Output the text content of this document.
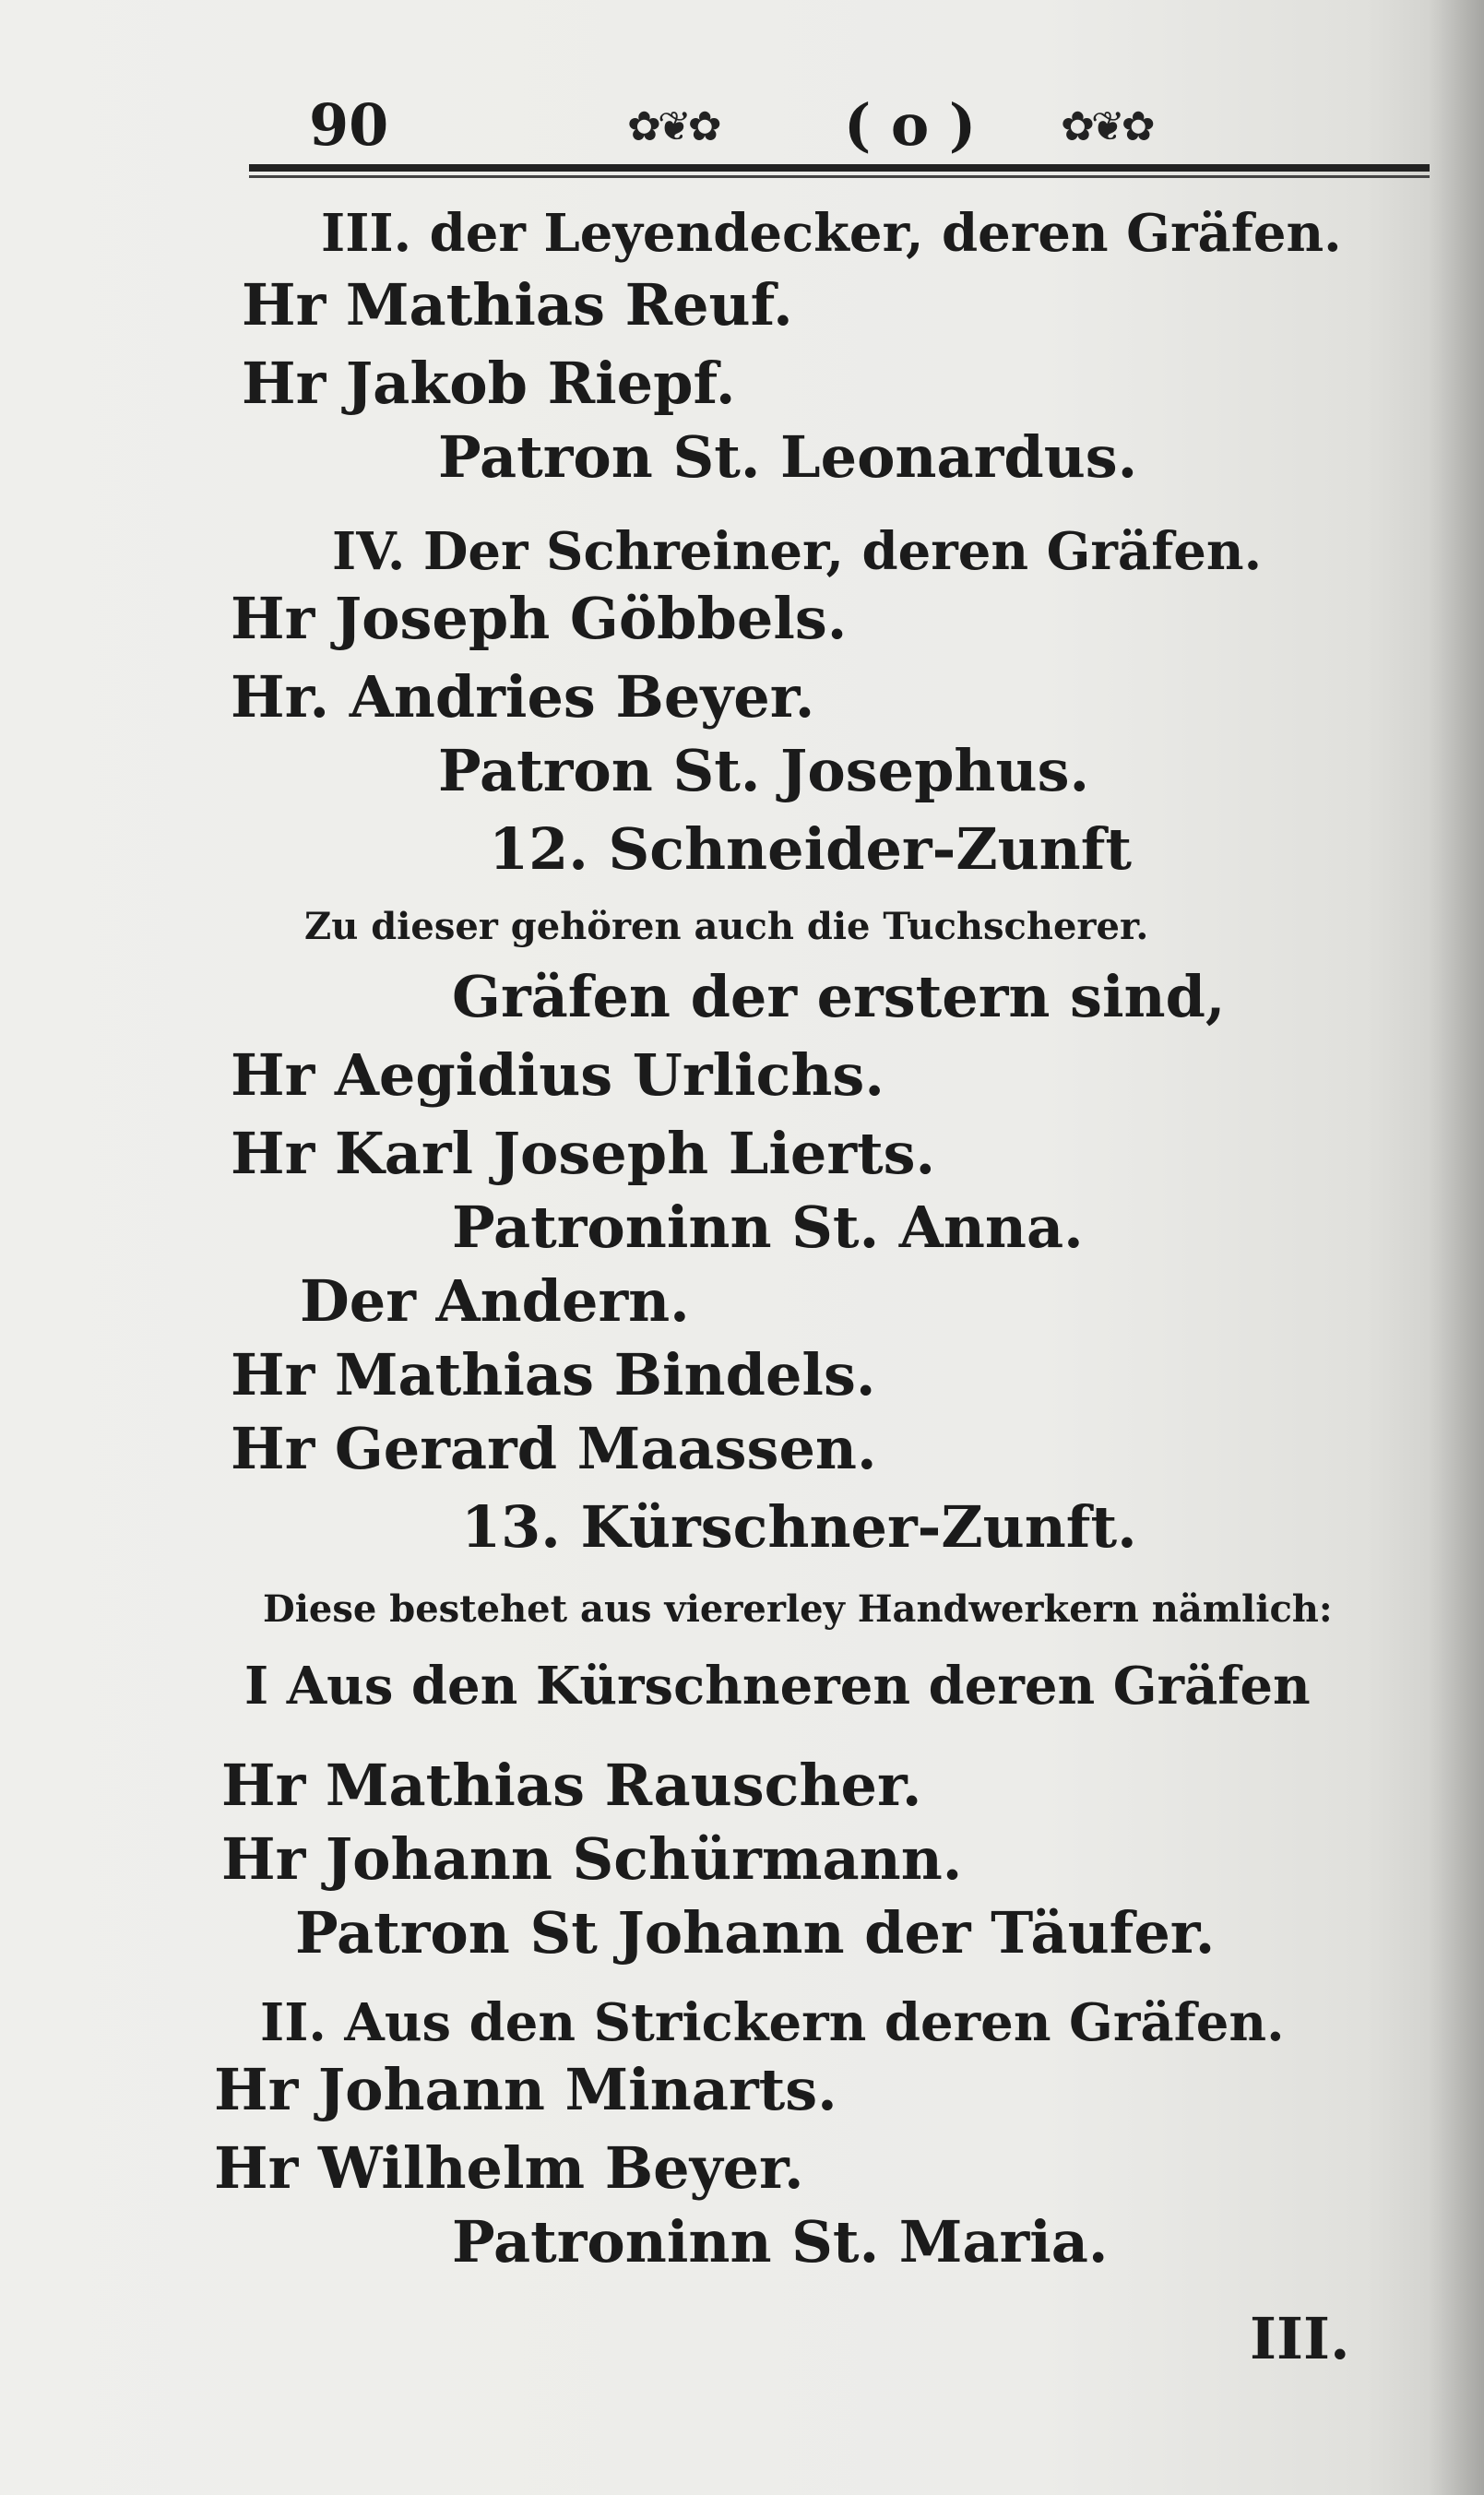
90	✿❦✿ ( o ) ✿❦✿
III. der Leyendecker, deren Gräfen.
Hr Mathias Reuf.
Hr Jakob Riepf.
Patron St. Leonardus.
IV. Der Schreiner, deren Gräfen.
Hr Joseph Göbbels.
Hr. Andries Beyer.
Patron St. Josephus.
12. Schneider-Zunft
Zu dieser gehören auch die Tuchscherer.
Gräfen der erstern sind,
Hr Aegidius Urlichs.
Hr Karl Joseph Lierts.
Patroninn St. Anna.
Der Andern.
Hr Mathias Bindels.
Hr Gerard Maassen.
13. Kürschner-Zunft.
Diese bestehet aus viererley Handwerkern nämlich:
I Aus den Kürschneren deren Gräfen
Hr Mathias Rauscher.
Hr Johann Schürmann.
Patron St Johann der Täufer.
II. Aus den Strickern deren Gräfen.
Hr Johann Minarts.
Hr Wilhelm Beyer.
Patroninn St. Maria.
III.
